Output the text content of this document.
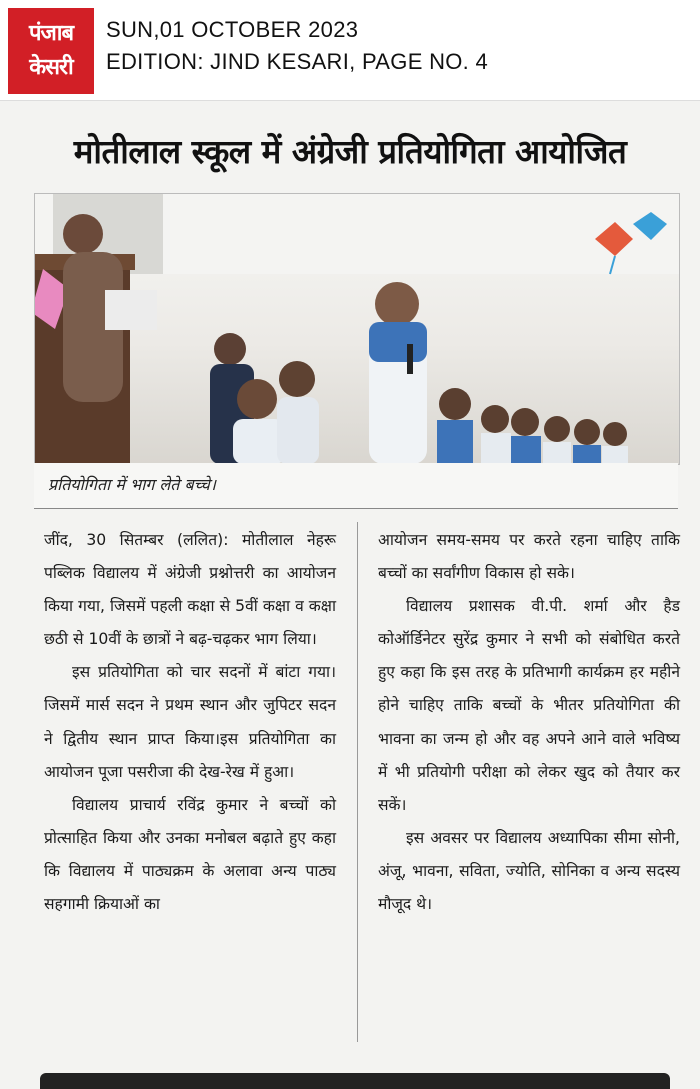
पंजाब
केसरी
SUN,01 OCTOBER 2023
EDITION: JIND KESARI, PAGE NO. 4
मोतीलाल स्कूल में अंग्रेजी प्रतियोगिता आयोजित
प्रतियोगिता में भाग लेते बच्चे।

जींद, 30 सितम्बर (ललित): मोतीलाल नेहरू पब्लिक विद्यालय में अंग्रेजी प्रश्नोत्तरी का आयोजन किया गया, जिसमें पहली कक्षा से 5वीं कक्षा व कक्षा छठी से 10वीं के छात्रों ने बढ़-चढ़कर भाग लिया।

इस प्रतियोगिता को चार सदनों में बांटा गया। जिसमें मार्स सदन ने प्रथम स्थान और जुपिटर सदन ने द्वितीय स्थान प्राप्त किया।इस प्रतियोगिता का आयोजन पूजा पसरीजा की देख-रेख में हुआ।

विद्यालय प्राचार्य रविंद्र कुमार ने बच्चों को प्रोत्साहित किया और उनका मनोबल बढ़ाते हुए कहा कि विद्यालय में पाठ्यक्रम के अलावा अन्य पाठ्य सहगामी क्रियाओं का

आयोजन समय-समय पर करते रहना चाहिए ताकि बच्चों का सर्वांगीण विकास हो सके।

विद्यालय प्रशासक वी.पी. शर्मा और हैड कोऑर्डिनेटर सुरेंद्र कुमार ने सभी को संबोधित करते हुए कहा कि इस तरह के प्रतिभागी कार्यक्रम हर महीने होने चाहिए ताकि बच्चों के भीतर प्रतियोगिता की भावना का जन्म हो और वह अपने आने वाले भविष्य में भी प्रतियोगी परीक्षा को लेकर खुद को तैयार कर सकें।

इस अवसर पर विद्यालय अध्यापिका सीमा सोनी, अंजू, भावना, सविता, ज्योति, सोनिका व अन्य सदस्य मौजूद थे।
